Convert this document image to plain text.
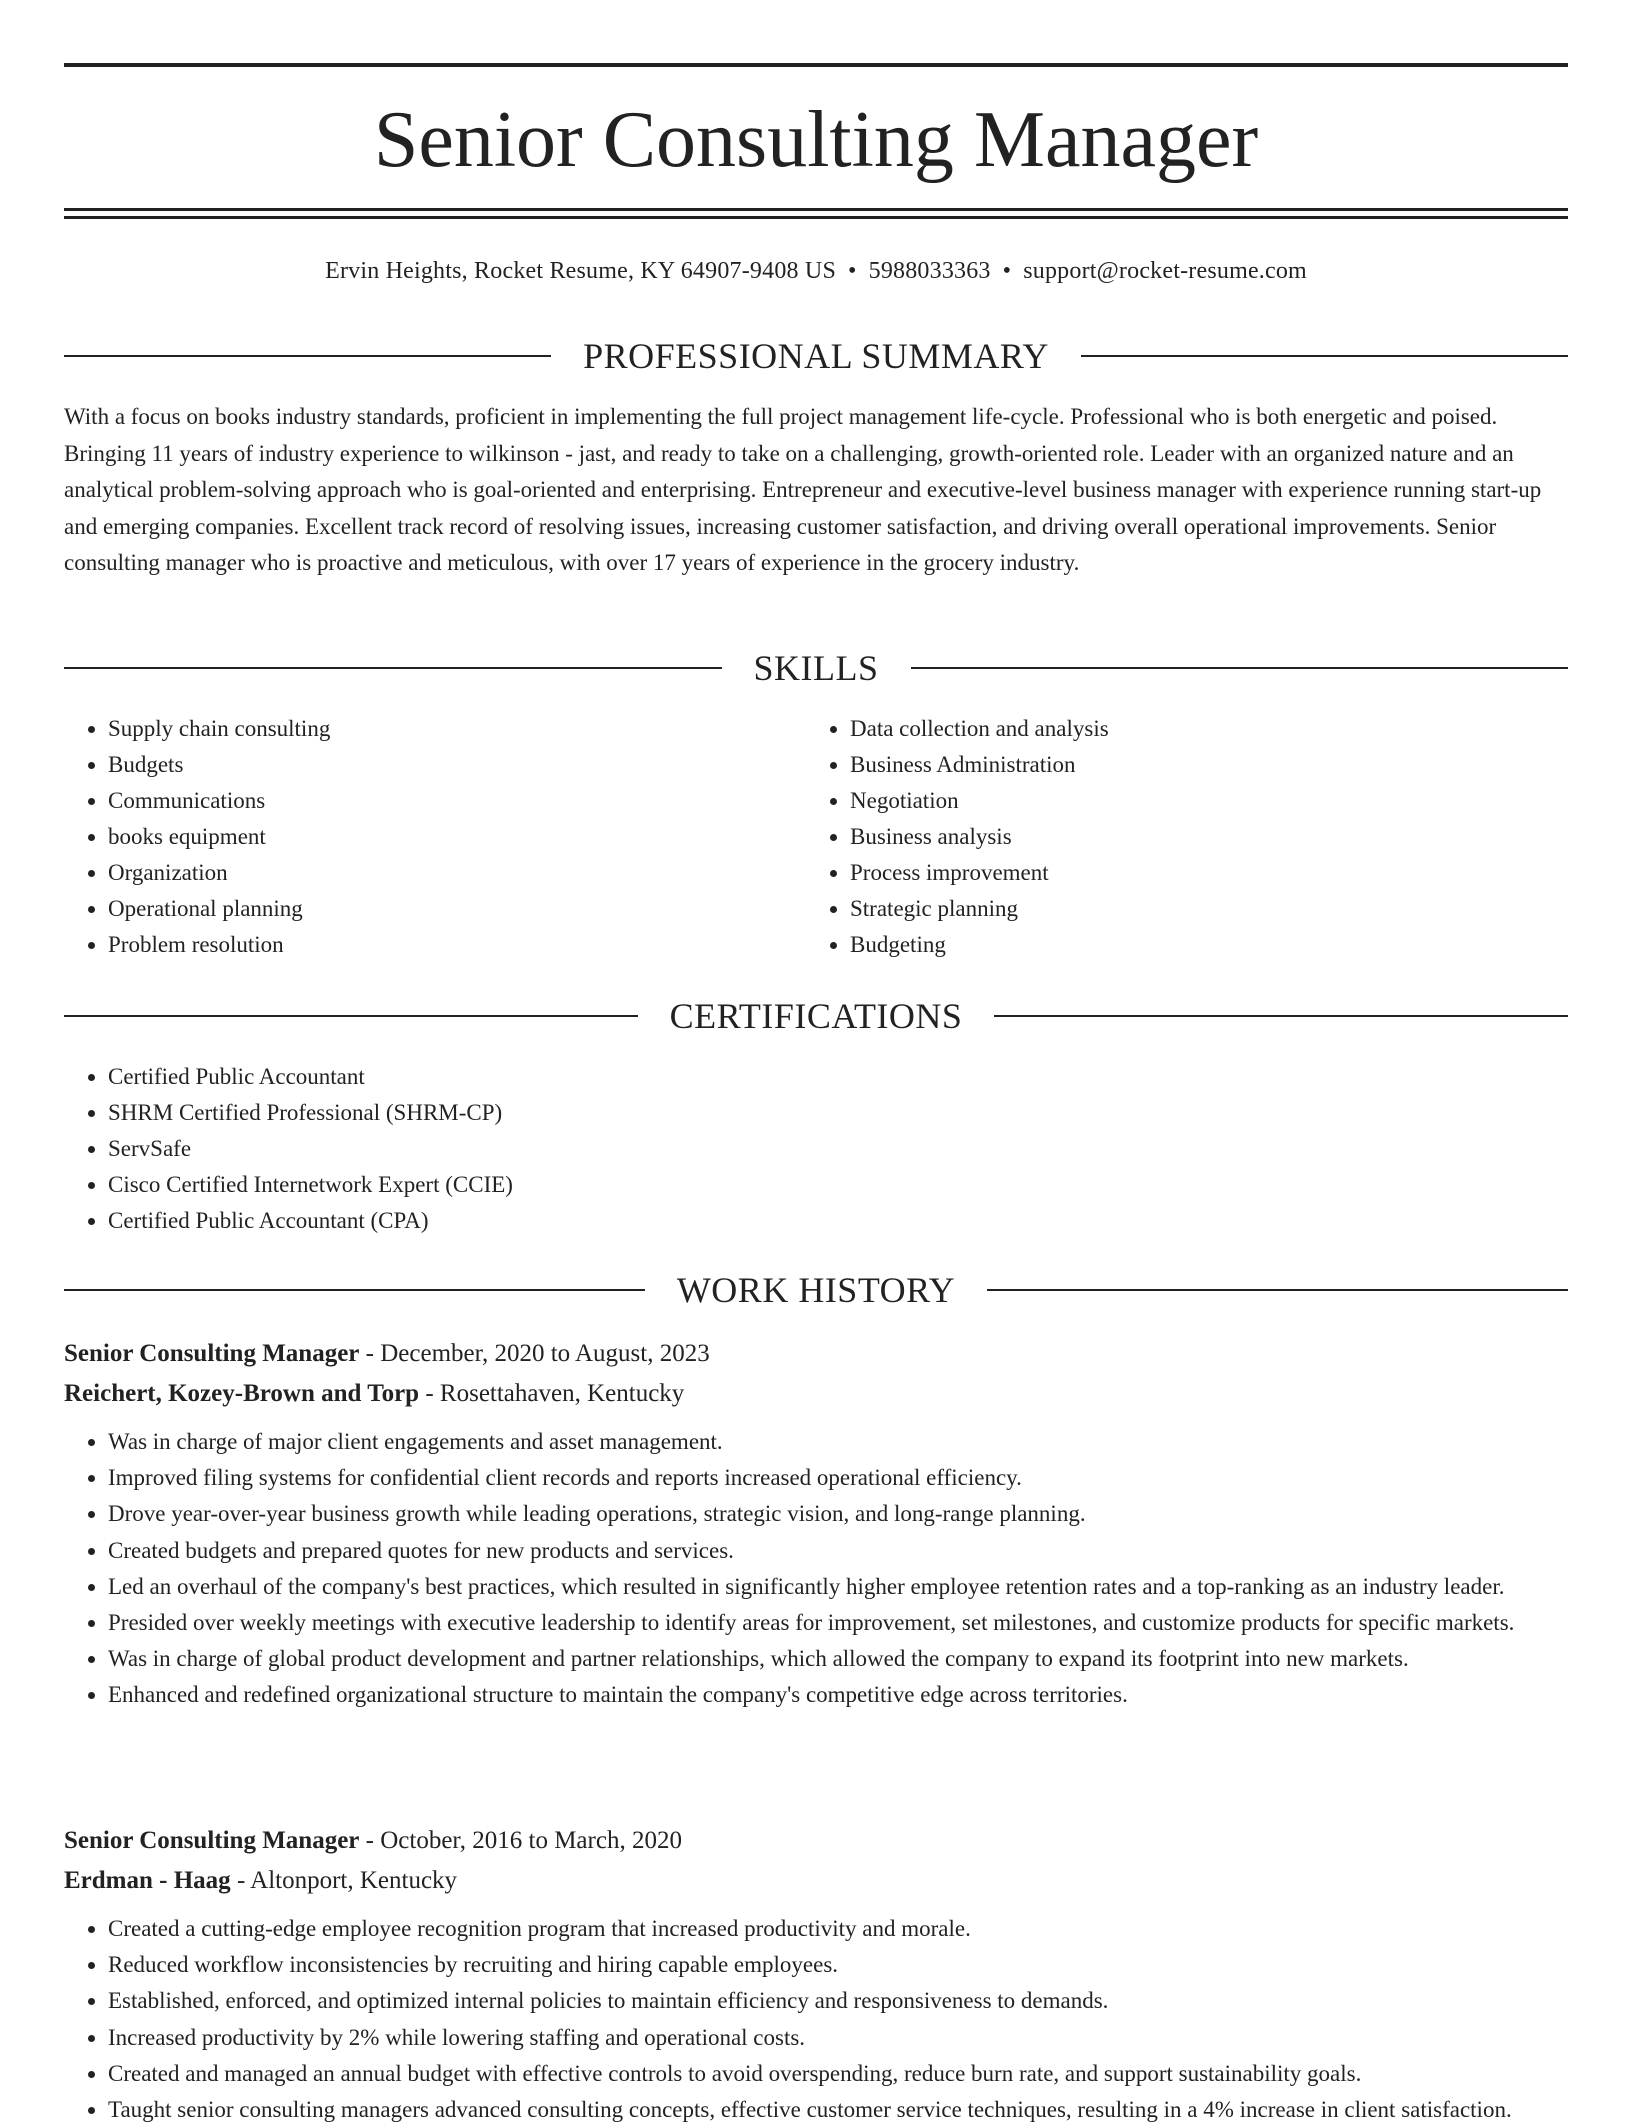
Senior Consulting Manager
Ervin Heights, Rocket Resume, KY 64907-9408 US • 5988033363 • support@rocket-resume.com
PROFESSIONAL SUMMARY

With a focus on books industry standards, proficient in implementing the full project management life-cycle. Professional who is both energetic and poised. Bringing 11 years of industry experience to wilkinson - jast, and ready to take on a challenging, growth-oriented role. Leader with an organized nature and an analytical problem-solving approach who is goal-oriented and enterprising. Entrepreneur and executive-level business manager with experience running start-up and emerging companies. Excellent track record of resolving issues, increasing customer satisfaction, and driving overall operational improvements. Senior consulting manager who is proactive and meticulous, with over 17 years of experience in the grocery industry.

SKILLS
• Supply chain consulting
• Budgets
• Communications
• books equipment
• Organization
• Operational planning
• Problem resolution
• Data collection and analysis
• Business Administration
• Negotiation
• Business analysis
• Process improvement
• Strategic planning
• Budgeting
CERTIFICATIONS
• Certified Public Accountant
• SHRM Certified Professional (SHRM-CP)
• ServSafe
• Cisco Certified Internetwork Expert (CCIE)
• Certified Public Accountant (CPA)
WORK HISTORY

Senior Consulting Manager - December, 2020 to August, 2023

Reichert, Kozey-Brown and Torp - Rosettahaven, Kentucky

• Was in charge of major client engagements and asset management.
• Improved filing systems for confidential client records and reports increased operational efficiency.
• Drove year-over-year business growth while leading operations, strategic vision, and long-range planning.
• Created budgets and prepared quotes for new products and services.
• Led an overhaul of the company's best practices, which resulted in significantly higher employee retention rates and a top-ranking as an industry leader.
• Presided over weekly meetings with executive leadership to identify areas for improvement, set milestones, and customize products for specific markets.
• Was in charge of global product development and partner relationships, which allowed the company to expand its footprint into new markets.
• Enhanced and redefined organizational structure to maintain the company's competitive edge across territories.

Senior Consulting Manager - October, 2016 to March, 2020

Erdman - Haag - Altonport, Kentucky

• Created a cutting-edge employee recognition program that increased productivity and morale.
• Reduced workflow inconsistencies by recruiting and hiring capable employees.
• Established, enforced, and optimized internal policies to maintain efficiency and responsiveness to demands.
• Increased productivity by 2% while lowering staffing and operational costs.
• Created and managed an annual budget with effective controls to avoid overspending, reduce burn rate, and support sustainability goals.
• Taught senior consulting managers advanced consulting concepts, effective customer service techniques, resulting in a 4% increase in client satisfaction.
